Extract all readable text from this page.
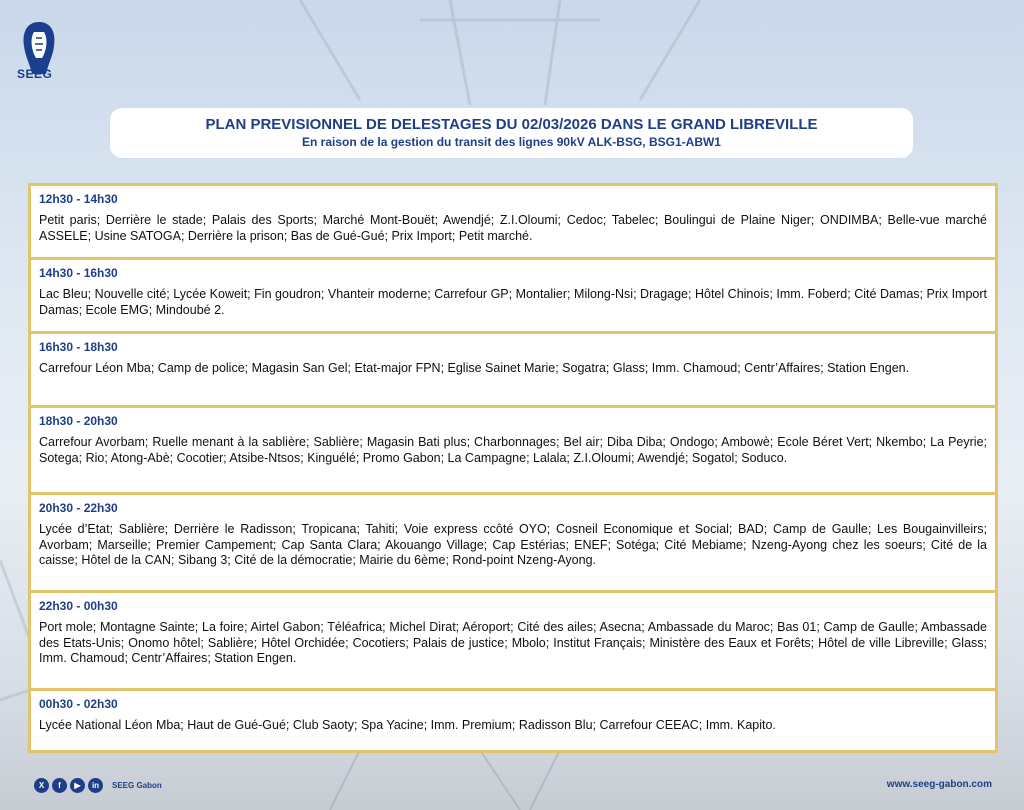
SEEG
PLAN PREVISIONNEL DE DELESTAGES DU 02/03/2026 DANS LE GRAND LIBREVILLE
En raison de la gestion du transit des lignes 90kV ALK-BSG, BSG1-ABW1
12h30 - 14h30
Petit paris; Derrière le stade; Palais des Sports; Marché Mont-Bouët; Awendjé; Z.I.Oloumi; Cedoc; Tabelec; Boulingui de Plaine Niger; ONDIMBA; Belle-vue marché ASSELE; Usine SATOGA; Derrière la prison; Bas de Gué-Gué; Prix Import; Petit marché.
14h30 - 16h30
Lac Bleu; Nouvelle cité; Lycée Koweit; Fin goudron; Vhanteir moderne; Carrefour GP; Montalier; Milong-Nsi; Dragage; Hôtel Chinois; Imm. Foberd; Cité Damas; Prix Import Damas; Ecole EMG; Mindoubé 2.
16h30 - 18h30
Carrefour Léon Mba; Camp de police; Magasin San Gel; Etat-major FPN; Eglise Sainet Marie; Sogatra; Glass; Imm. Chamoud; Centr’Affaires; Station Engen.
18h30 - 20h30
Carrefour Avorbam; Ruelle menant à la sablière; Sablière; Magasin Bati plus; Charbonnages; Bel air; Diba Diba; Ondogo; Ambowè; Ecole Béret Vert; Nkembo; La Peyrie; Sotega; Rio; Atong-Abè; Cocotier; Atsibe-Ntsos; Kinguélé; Promo Gabon; La Campagne; Lalala; Z.I.Oloumi; Awendjé; Sogatol; Soduco.
20h30 - 22h30
Lycée d’Etat; Sablière; Derrière le Radisson; Tropicana; Tahiti; Voie express ccôté OYO; Cosneil Economique et Social; BAD; Camp de Gaulle; Les Bougainvilleirs; Avorbam; Marseille; Premier Campement; Cap Santa Clara; Akouango Village; Cap Estérias; ENEF; Sotéga; Cité Mebiame; Nzeng-Ayong chez les soeurs; Cité de la caisse; Hôtel de la CAN; Sibang 3; Cité de la démocratie; Mairie du 6ème; Rond-point Nzeng-Ayong.
22h30 - 00h30
Port mole; Montagne Sainte; La foire; Airtel Gabon; Téléafrica; Michel Dirat; Aéroport; Cité des ailes; Asecna; Ambassade du Maroc; Bas 01; Camp de Gaulle; Ambassade des Etats-Unis; Onomo hôtel; Sablière; Hôtel Orchidée; Cocotiers; Palais de justice; Mbolo; Institut Français; Ministère des Eaux et Forêts; Hôtel de ville Libreville; Glass; Imm. Chamoud; Centr’Affaires; Station Engen.
00h30 - 02h30
Lycée National Léon Mba; Haut de Gué-Gué; Club Saoty; Spa Yacine; Imm. Premium; Radisson Blu; Carrefour CEEAC; Imm. Kapito.
X	f	▶	in	SEEG Gabon	www.seeg-gabon.com
